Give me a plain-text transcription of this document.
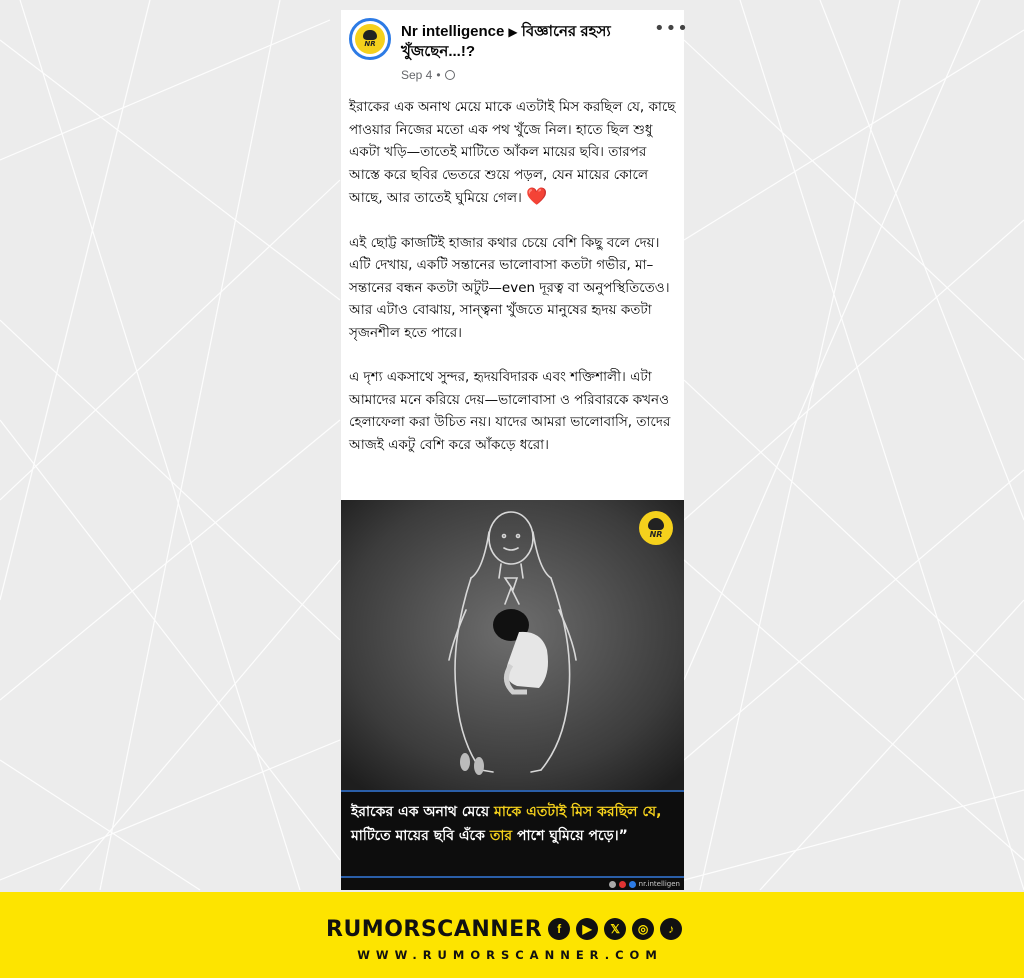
NR
Nr intelligence ▶ বিজ্ঞানের রহস্য খুঁজছেন...!?
•••
Sep 4 •

ইরাকের এক অনাথ মেয়ে মাকে এতটাই মিস করছিল যে, কাছে পাওয়ার নিজের মতো এক পথ খুঁজে নিল। হাতে ছিল শুধু একটা খড়ি—তাতেই মাটিতে আঁকল মায়ের ছবি। তারপর আস্তে করে ছবির ভেতরে শুয়ে পড়ল, যেন মায়ের কোলে আছে, আর তাতেই ঘুমিয়ে গেল। ❤️

এই ছোট্ট কাজটিই হাজার কথার চেয়ে বেশি কিছু বলে দেয়। এটি দেখায়, একটি সন্তানের ভালোবাসা কতটা গভীর, মা–সন্তানের বন্ধন কতটা অটুট—even দূরত্ব বা অনুপস্থিতিতেও। আর এটাও বোঝায়, সান্ত্বনা খুঁজতে মানুষের হৃদয় কতটা সৃজনশীল হতে পারে।

এ দৃশ্য একসাথে সুন্দর, হৃদয়বিদারক এবং শক্তিশালী। এটা আমাদের মনে করিয়ে দেয়—ভালোবাসা ও পরিবারকে কখনও হেলাফেলা করা উচিত নয়। যাদের আমরা ভালোবাসি, তাদের আজই একটু বেশি করে আঁকড়ে ধরো।

NR
ইরাকের এক অনাথ মেয়ে মাকে এতটাই মিস করছিল যে, মাটিতে মায়ের ছবি এঁকে তার পাশে ঘুমিয়ে পড়ে।”
nr.intelligen
RUMORSCANNER	f	▶	𝕏	◎	♪
WWW.RUMORSCANNER.COM
